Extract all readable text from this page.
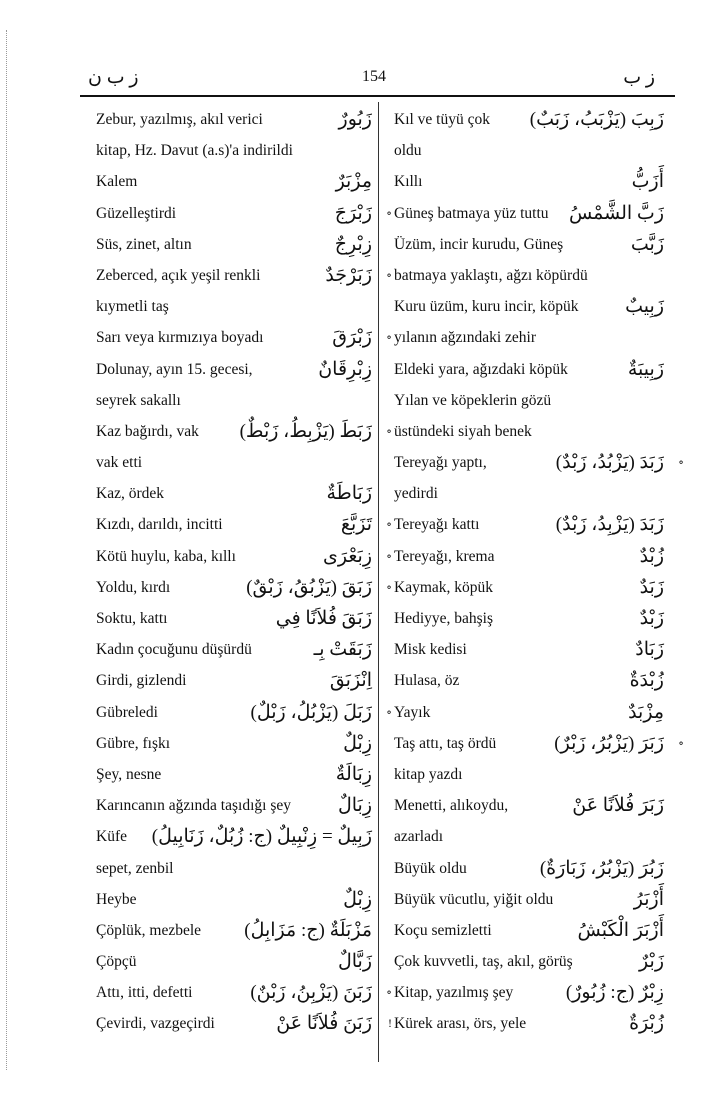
ز ب ن	154	ز ب
Zebur, yazılmış, akıl verici	زَبُورٌ
kitap, Hz. Davut (a.s)'a indirildi
Kalem	مِزْبَرٌ
Güzelleştirdi	زَبْرَجَ ∘
Süs, zinet, altın	زِبْرِجٌ
Zeberced, açık yeşil renkli	زَبَرْجَدٌ ∘
kıymetli taş
Sarı veya kırmızıya boyadı	زَبْرَقَ ∘
Dolunay, ayın 15. gecesi,	زِبْرِقَانٌ
seyrek sakallı
Kaz bağırdı, vak زَبَطَ (يَزْبِطُ، زَبْطٌ) ∘
vak etti
Kaz, ördek	زَبَاطَةٌ
Kızdı, darıldı, incitti	تَزَبَّعَ ∘
Kötü huylu, kaba, kıllı	زِبَعْرَى ∘
Yoldu, kırdı	زَبَقَ (يَزْبُقُ، زَبْقٌ) ∘
Soktu, kattı	زَبَقَ فُلاَنًا فِي
Kadın çocuğunu düşürdü	زَبَقَتْ بِـ
Girdi, gizlendi	اِنْزَبَقَ
Gübreledi	زَبَلَ (يَزْبُلُ، زَبْلٌ) ∘
Gübre, fışkı	زِبْلٌ
Şey, nesne	زِبَالَةٌ
Karıncanın ağzında taşıdığı şey زِبَالٌ
Küfe زَبِيلٌ = زِنْبِيلٌ (ج: زُبُلٌ، زَنَابِيلُ)
sepet, zenbil
Heybe	زِبْلٌ
Çöplük, mezbele مَزْبَلَةٌ (ج: مَزَابِلُ)
Çöpçü	زَبَّالٌ
Attı, itti, defetti	زَبَنَ (يَزْبِنُ، زَبْنٌ) ∘
Çevirdi, vazgeçirdi	زَبَنَ فُلاَنًا عَنْ !
Kıl ve tüyü çok زَبِبَ (يَزْبَبُ، زَبَبٌ)
oldu
Kıllı	أَزَبُّ
Güneş batmaya yüz tuttu زَبَّ الشَّمْسُ
Üzüm, incir kurudu, Güneş	زَبَّبَ
batmaya yaklaştı, ağzı köpürdü
Kuru üzüm, kuru incir, köpük زَبِيبٌ
yılanın ağzındaki zehir
Eldeki yara, ağızdaki köpük	زَبِيبَةٌ
Yılan ve köpeklerin gözü
üstündeki siyah benek
Tereyağı yaptı,	زَبَدَ (يَزْبُدُ، زَبْدٌ) ∘
yedirdi
Tereyağı kattı	زَبَدَ (يَزْبِدُ، زَبْدٌ)
Tereyağı, krema	زُبْدٌ
Kaymak, köpük	زَبَدٌ
Hediyye, bahşiş	زَبْدٌ
Misk kedisi	زَبَادٌ
Hulasa, öz	زُبْدَةٌ
Yayık	مِزْبَدٌ
Taş attı, taş ördü	زَبَرَ (يَزْبُرُ، زَبْرٌ) ∘
kitap yazdı
Menetti, alıkoydu,	زَبَرَ فُلاَنًا عَنْ
azarladı
Büyük oldu	زَبُرَ (يَزْبُرُ، زَبَارَةٌ)
Büyük vücutlu, yiğit oldu	أَزْبَرُ
Koçu semizletti	أَزْبَرَ الْكَبْشُ
Çok kuvvetli, taş, akıl, görüş	زَبْرٌ
Kitap, yazılmış şey	زِبْرٌ (ج: زُبُورٌ)
Kürek arası, örs, yele	زُبْرَةٌ
